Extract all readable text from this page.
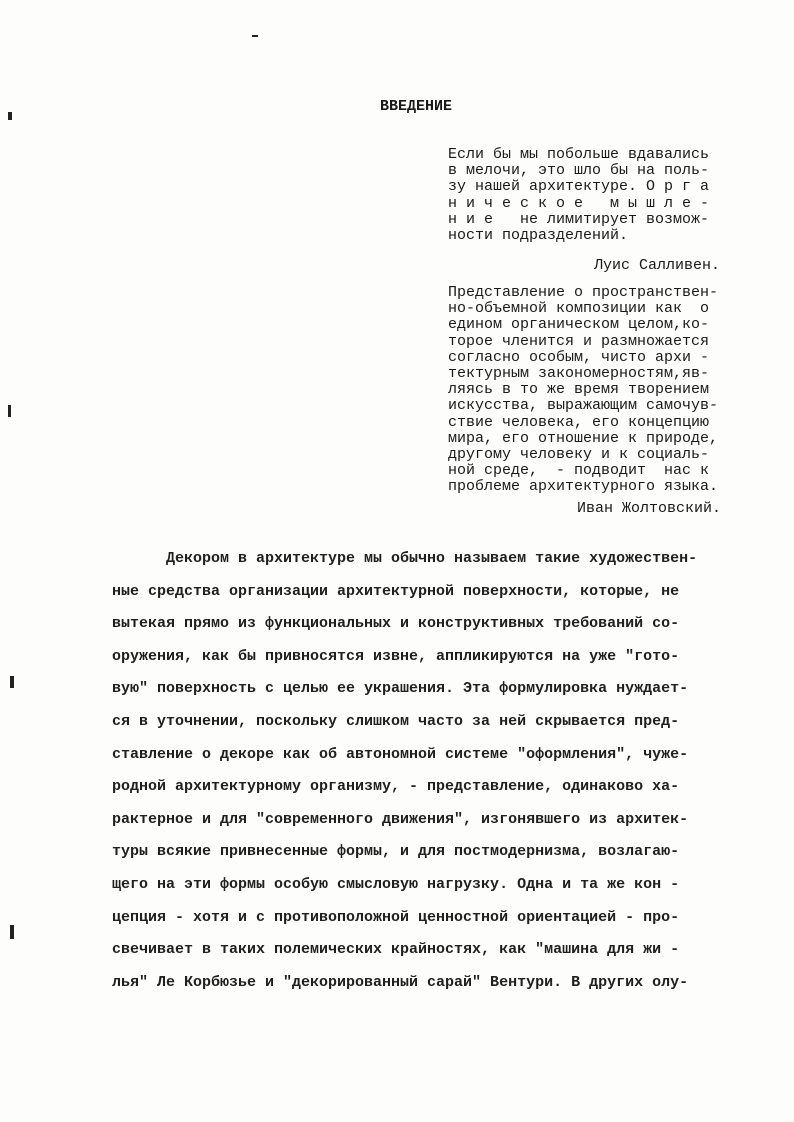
ВВЕДЕНИЕ
Если бы мы побольше вдавались
в мелочи, это шло бы на поль-
зу нашей архитектуре. О р г а
н и ч е с к о е   м ы ш л е -
н и е   не лимитирует возмож-
ности подразделений.

Луис Салливен.

Представление о пространствен-
но-объемной композиции как  о
едином органическом целом,ко-
торое членится и размножается
согласно особым, чисто архи -
тектурным закономерностям,яв-
ляясь в то же время творением
искусства, выражающим самочув-
ствие человека, его концепцию
мира, его отношение к природе,
другому человеку и к социаль-
ной среде,  - подводит  нас к
проблеме архитектурного языка.

Иван Жолтовский.

Декором в архитектуре мы обычно называем такие художествен-
ные средства организации архитектурной поверхности, которые, не
вытекая прямо из функциональных и конструктивных требований со-
оружения, как бы привносятся извне, аппликируются на уже "гото-
вую" поверхность с целью ее украшения. Эта формулировка нуждает-
ся в уточнении, поскольку слишком часто за ней скрывается пред-
ставление о декоре как об автономной системе "оформления", чуже-
родной архитектурному организму, - представление, одинаково ха-
рактерное и для "современного движения", изгонявшего из архитек-
туры всякие привнесенные формы, и для постмодернизма, возлагаю-
щего на эти формы особую смысловую нагрузку. Одна и та же кон -
цепция - хотя и с противоположной ценностной ориентацией - про-
свечивает в таких полемических крайностях, как "машина для жи -
лья" Ле Корбюзье и "декорированный сарай" Вентури. В других олу-
